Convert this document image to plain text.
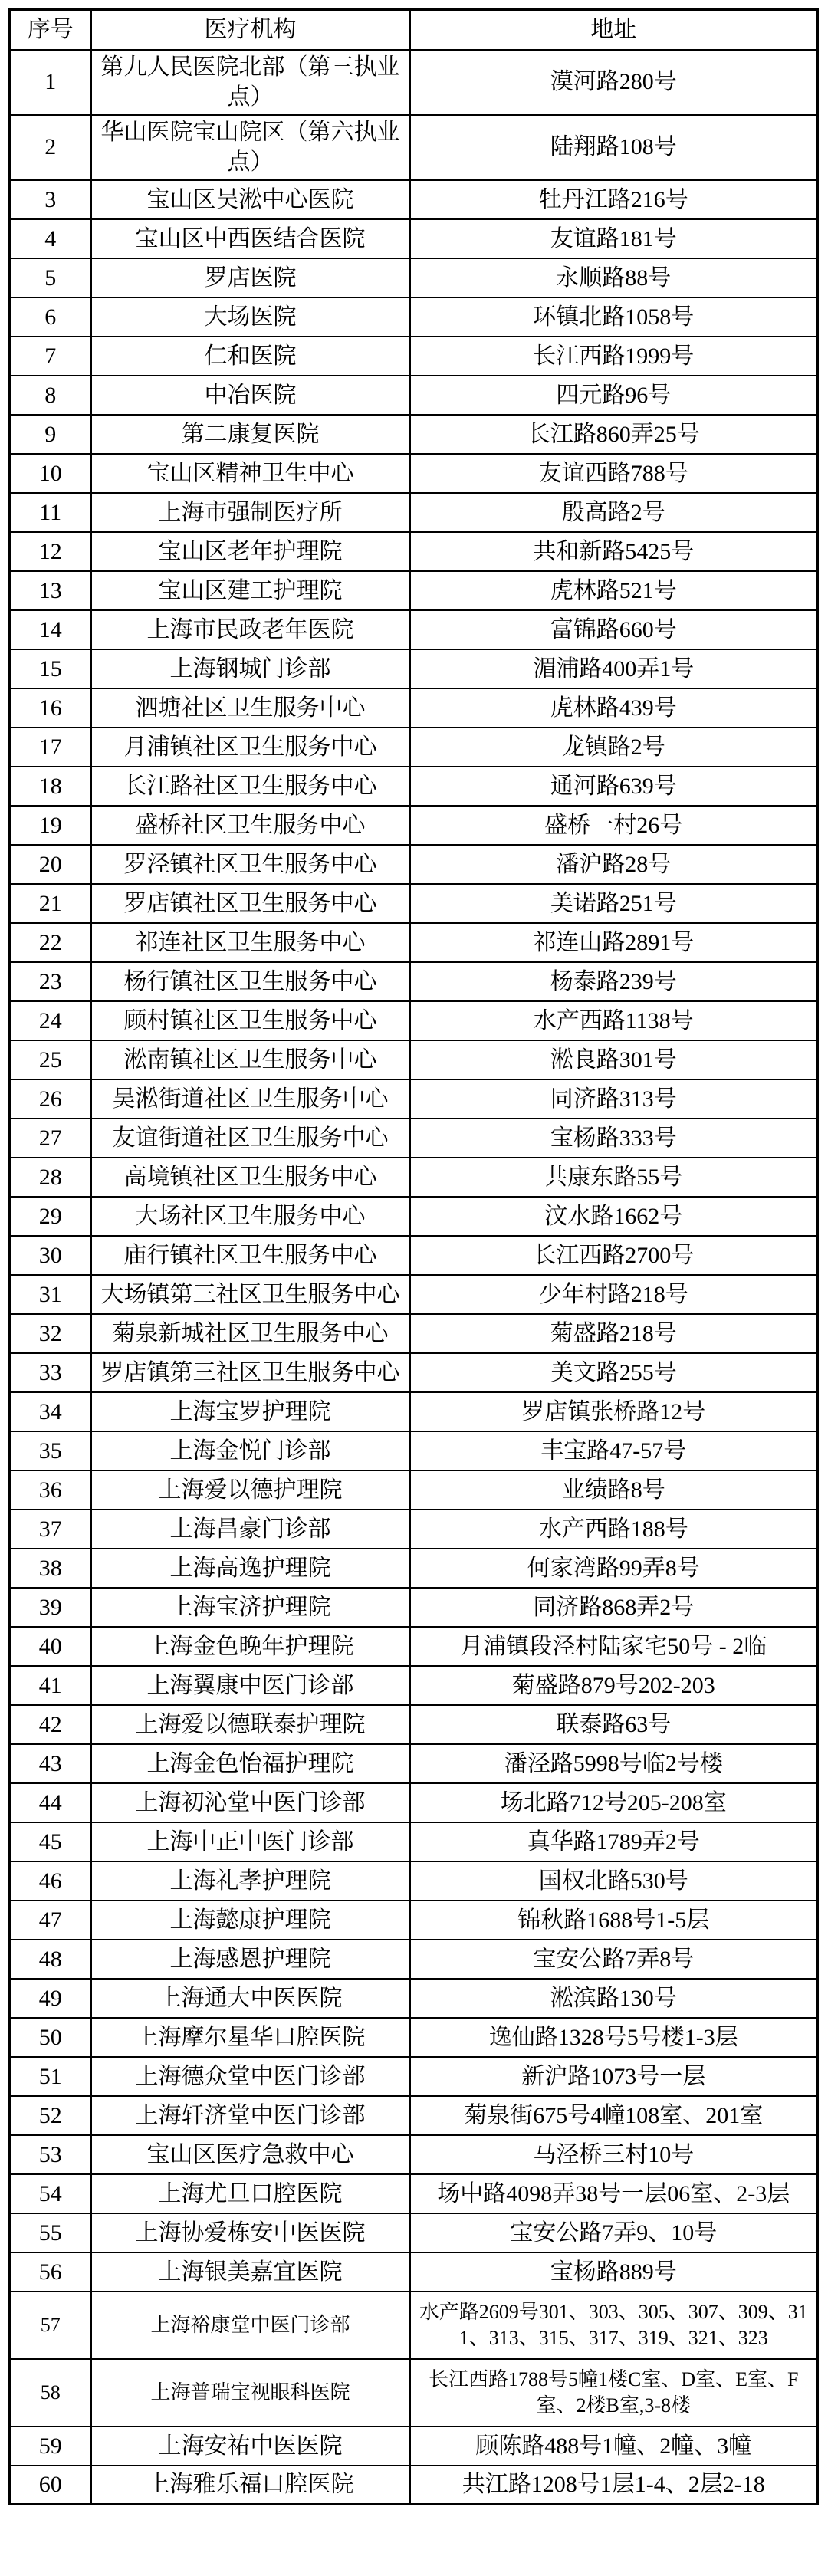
序号	医疗机构	地址
1	第九人民医院北部（第三执业点）	漠河路280号
2	华山医院宝山院区（第六执业点）	陆翔路108号
3	宝山区吴淞中心医院	牡丹江路216号
4	宝山区中西医结合医院	友谊路181号
5	罗店医院	永顺路88号
6	大场医院	环镇北路1058号
7	仁和医院	长江西路1999号
8	中冶医院	四元路96号
9	第二康复医院	长江路860弄25号
10	宝山区精神卫生中心	友谊西路788号
11	上海市强制医疗所	殷高路2号
12	宝山区老年护理院	共和新路5425号
13	宝山区建工护理院	虎林路521号
14	上海市民政老年医院	富锦路660号
15	上海钢城门诊部	湄浦路400弄1号
16	泗塘社区卫生服务中心	虎林路439号
17	月浦镇社区卫生服务中心	龙镇路2号
18	长江路社区卫生服务中心	通河路639号
19	盛桥社区卫生服务中心	盛桥一村26号
20	罗泾镇社区卫生服务中心	潘沪路28号
21	罗店镇社区卫生服务中心	美诺路251号
22	祁连社区卫生服务中心	祁连山路2891号
23	杨行镇社区卫生服务中心	杨泰路239号
24	顾村镇社区卫生服务中心	水产西路1138号
25	淞南镇社区卫生服务中心	淞良路301号
26	吴淞街道社区卫生服务中心	同济路313号
27	友谊街道社区卫生服务中心	宝杨路333号
28	高境镇社区卫生服务中心	共康东路55号
29	大场社区卫生服务中心	汶水路1662号
30	庙行镇社区卫生服务中心	长江西路2700号
31	大场镇第三社区卫生服务中心	少年村路218号
32	菊泉新城社区卫生服务中心	菊盛路218号
33	罗店镇第三社区卫生服务中心	美文路255号
34	上海宝罗护理院	罗店镇张桥路12号
35	上海金悦门诊部	丰宝路47-57号
36	上海爱以德护理院	业绩路8号
37	上海昌豪门诊部	水产西路188号
38	上海高逸护理院	何家湾路99弄8号
39	上海宝济护理院	同济路868弄2号
40	上海金色晚年护理院	月浦镇段泾村陆家宅50号 - 2临
41	上海翼康中医门诊部	菊盛路879号202-203
42	上海爱以德联泰护理院	联泰路63号
43	上海金色怡福护理院	潘泾路5998号临2号楼
44	上海初沁堂中医门诊部	场北路712号205-208室
45	上海中正中医门诊部	真华路1789弄2号
46	上海礼孝护理院	国权北路530号
47	上海懿康护理院	锦秋路1688号1-5层
48	上海感恩护理院	宝安公路7弄8号
49	上海通大中医医院	淞滨路130号
50	上海摩尔星华口腔医院	逸仙路1328号5号楼1-3层
51	上海德众堂中医门诊部	新沪路1073号一层
52	上海轩济堂中医门诊部	菊泉街675号4幢108室、201室
53	宝山区医疗急救中心	马泾桥三村10号
54	上海尤旦口腔医院	场中路4098弄38号一层06室、2-3层
55	上海协爱栋安中医医院	宝安公路7弄9、10号
56	上海银美嘉宜医院	宝杨路889号
57	上海裕康堂中医门诊部	水产路2609号301、303、305、307、309、311、313、315、317、319、321、323
58	上海普瑞宝视眼科医院	长江西路1788号5幢1楼C室、D室、E室、F室、2楼B室,3-8楼
59	上海安祐中医医院	顾陈路488号1幢、2幢、3幢
60	上海雅乐福口腔医院	共江路1208号1层1-4、2层2-18
